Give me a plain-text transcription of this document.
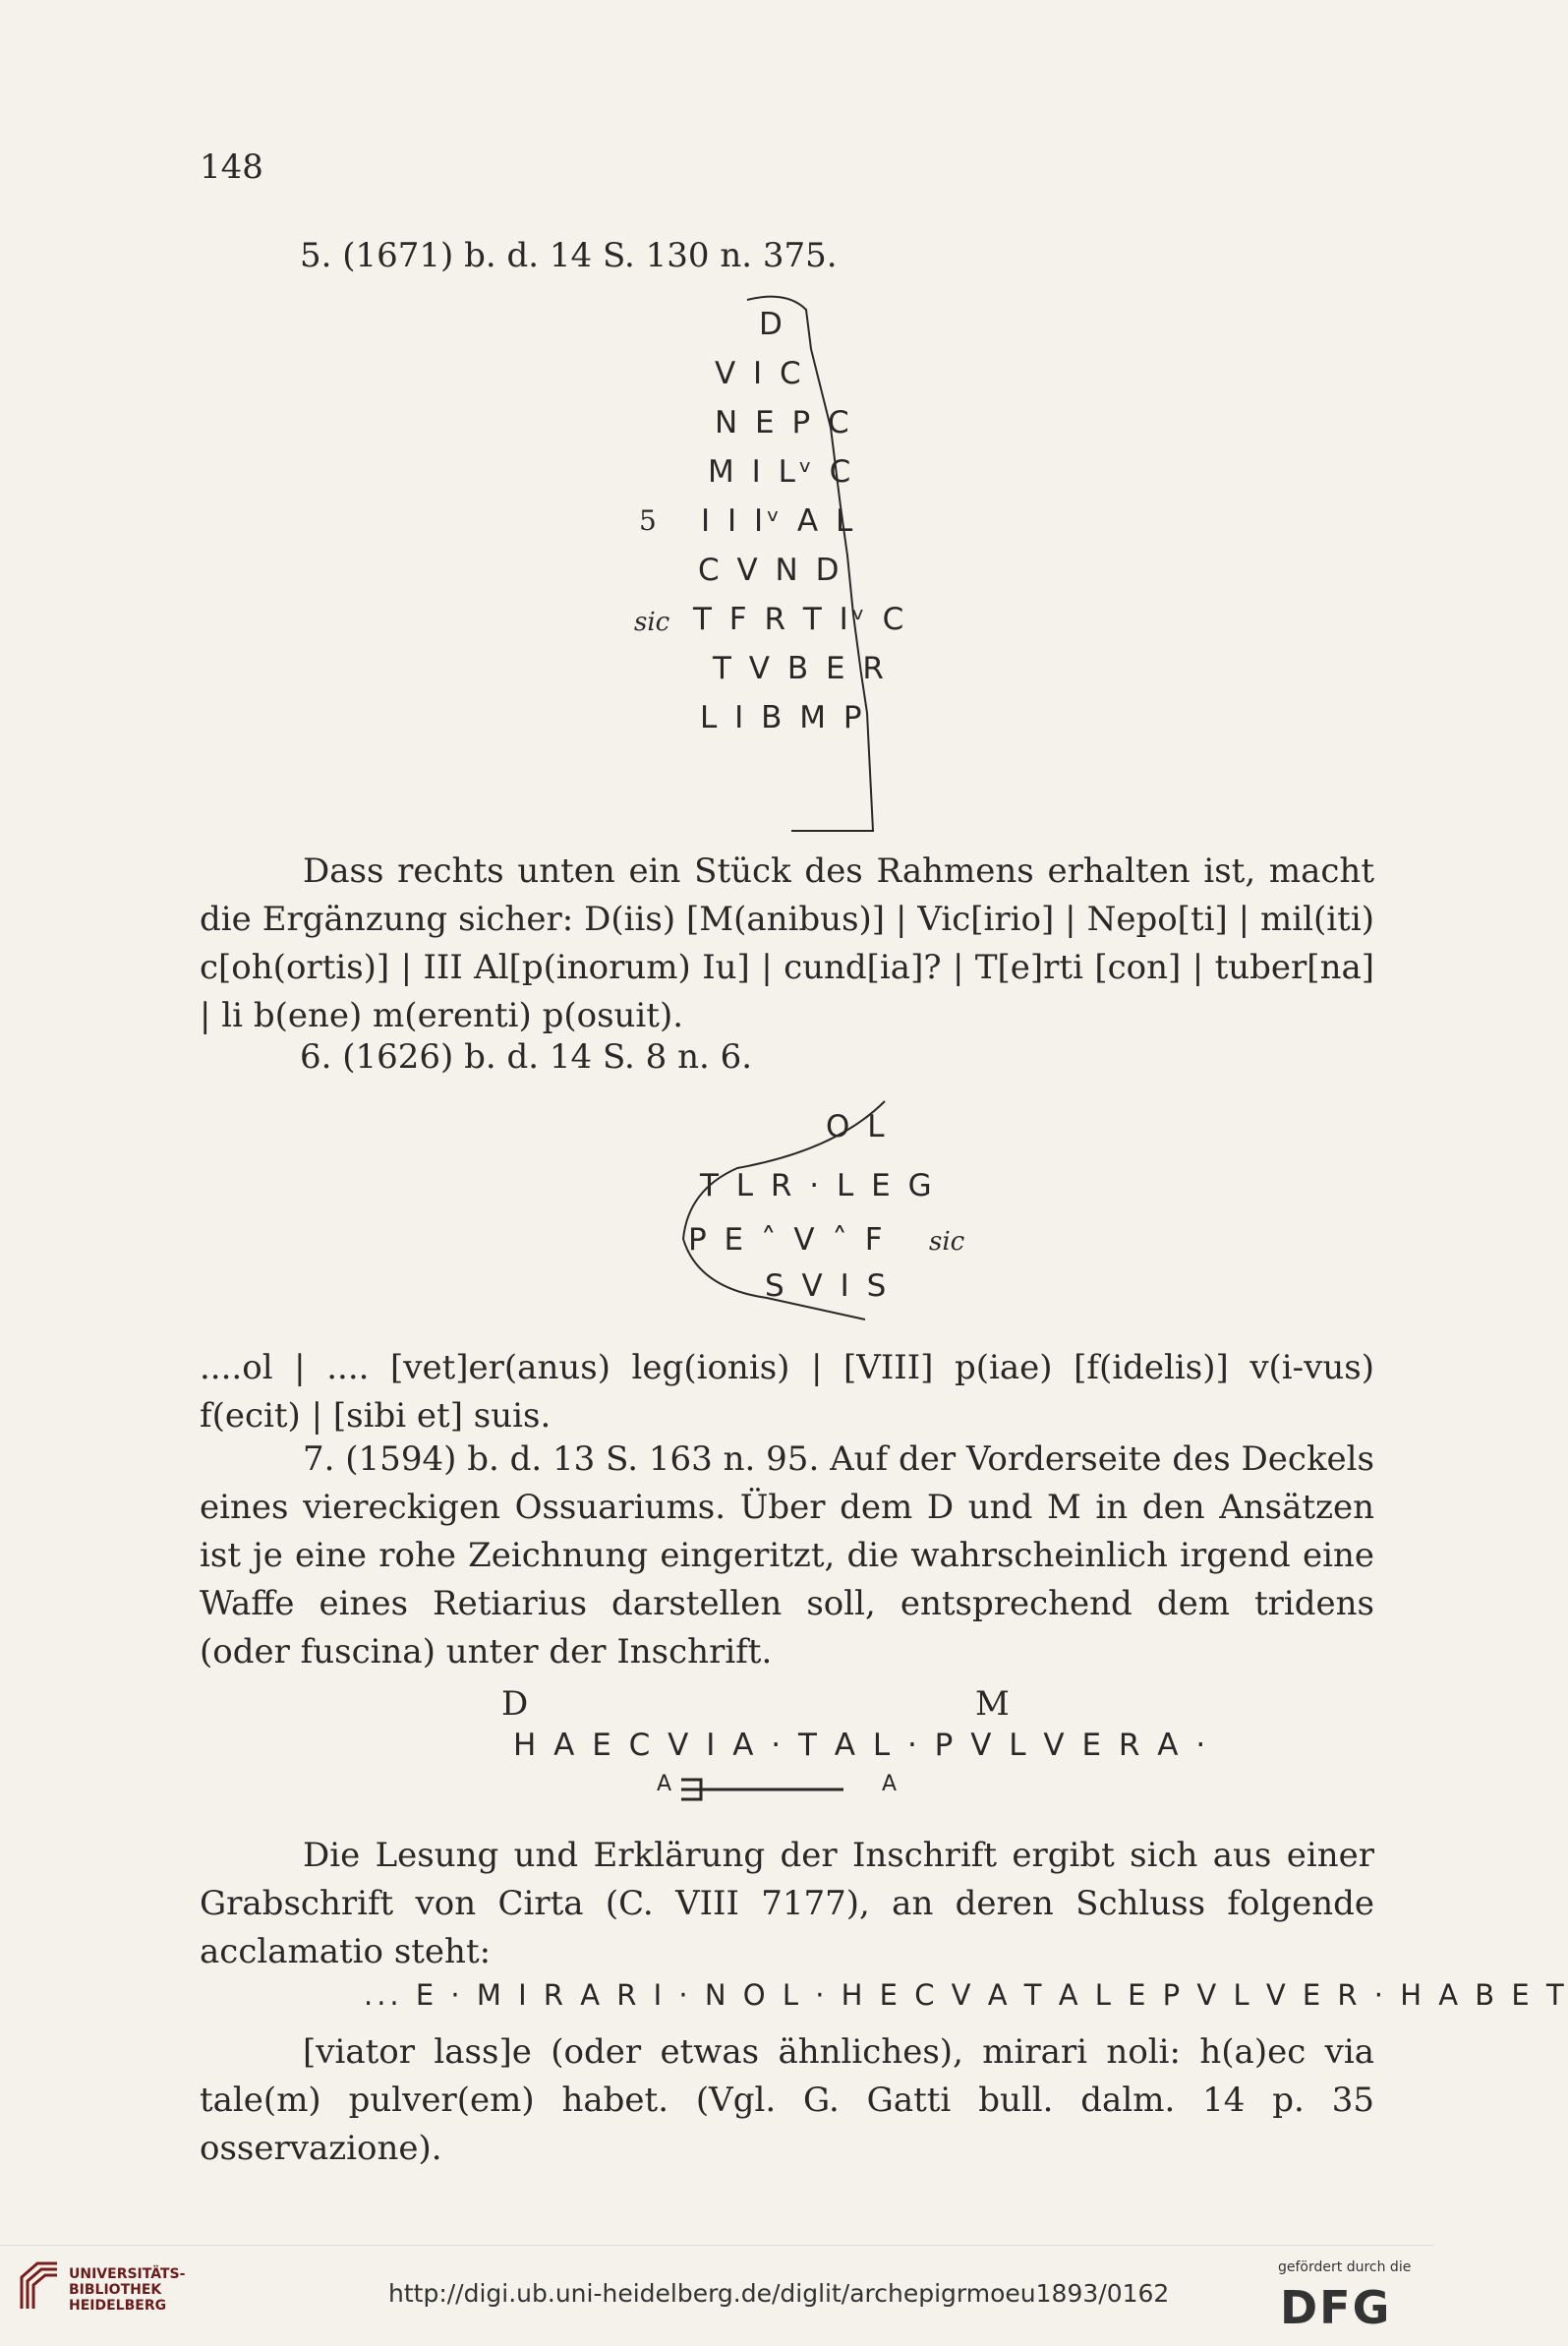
148
5. (1671) b. d. 14 S. 130 n. 375.
D
V I C
N E P C
M I Lᵛ C
I I Iᵛ A L
C V N D
T F R T Iᵛ C
T V B E R
L I B M P
5
sic
Dass rechts unten ein Stück des Rahmens erhalten ist, macht die Ergänzung sicher: D(iis) [M(anibus)] | Vic[irio] | Nepo[ti] | mil(iti) c[oh(ortis)] | III Al[p(inorum) Iu] | cund[ia]? | T[e]rti [con] | tuber[na] | li b(ene) m(erenti) p(osuit).
6. (1626) b. d. 14 S. 8 n. 6.
O L
T L R · L E G
P E ˄ V ˄ F
S V I S
sic
....ol | .... [vet]er(anus) leg(ionis) | [VIII] p(iae) [f(idelis)] v(i-vus) f(ecit) | [sibi et] suis.
7. (1594) b. d. 13 S. 163 n. 95. Auf der Vorderseite des Deckels eines viereckigen Ossuariums. Über dem D und M in den Ansätzen ist je eine rohe Zeichnung eingeritzt, die wahrscheinlich irgend eine Waffe eines Retiarius darstellen soll, entsprechend dem tridens (oder fuscina) unter der Inschrift.
D	M
H A E C V I A · T A L · P V L V E R A ·
A	A
Die Lesung und Erklärung der Inschrift ergibt sich aus einer Grabschrift von Cirta (C. VIII 7177), an deren Schluss folgende acclamatio steht:
... E · M I R A R I · N O L · H E C V A T A L E P V L V E R · H A B E T
[viator lass]e (oder etwas ähnliches), mirari noli: h(a)ec via tale(m) pulver(em) habet. (Vgl. G. Gatti bull. dalm. 14 p. 35 osservazione).
UNIVERSITÄTS-
BIBLIOTHEK
HEIDELBERG	http://digi.ub.uni-heidelberg.de/diglit/archepigrmoeu1893/0162
gefördert durch die
DFG
